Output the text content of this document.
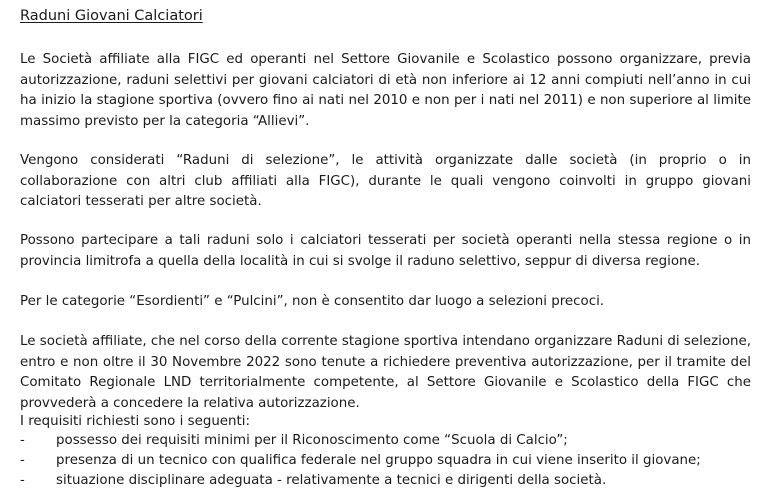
Raduni Giovani Calciatori

Le Società affiliate alla FIGC ed operanti nel Settore Giovanile e Scolastico possono organizzare, previa autorizzazione, raduni selettivi per giovani calciatori di età non inferiore ai 12 anni compiuti nell’anno in cui ha inizio la stagione sportiva (ovvero fino ai nati nel 2010 e non per i nati nel 2011) e non superiore al limite massimo previsto per la categoria “Allievi”.

Vengono considerati “Raduni di selezione”, le attività organizzate dalle società (in proprio o in collaborazione con altri club affiliati alla FIGC), durante le quali vengono coinvolti in gruppo giovani calciatori tesserati per altre società.

Possono partecipare a tali raduni solo i calciatori tesserati per società operanti nella stessa regione o in provincia limitrofa a quella della località in cui si svolge il raduno selettivo, seppur di diversa regione.

Per le categorie “Esordienti” e “Pulcini”, non è consentito dar luogo a selezioni precoci.

Le società affiliate, che nel corso della corrente stagione sportiva intendano organizzare Raduni di selezione, entro e non oltre il 30 Novembre 2022 sono tenute a richiedere preventiva autorizzazione, per il tramite del Comitato Regionale LND territorialmente competente, al Settore Giovanile e Scolastico della FIGC che provvederà a concedere la relativa autorizzazione.

I requisiti richiesti sono i seguenti:
-	possesso dei requisiti minimi per il Riconoscimento come “Scuola di Calcio”;
-	presenza di un tecnico con qualifica federale nel gruppo squadra in cui viene inserito il giovane;
-	situazione disciplinare adeguata - relativamente a tecnici e dirigenti della società.
